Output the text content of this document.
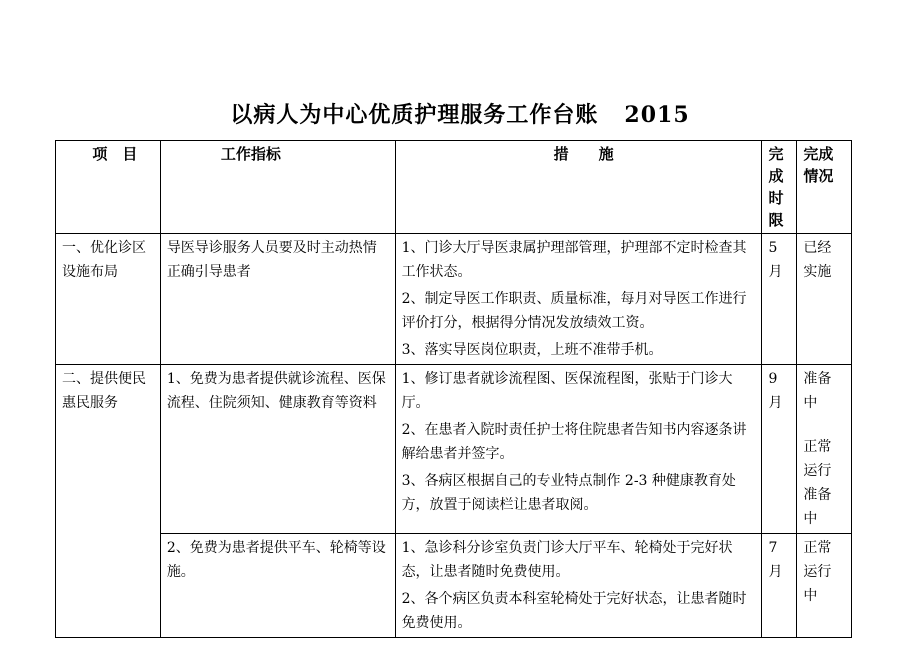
以病人为中心优质护理服务工作台账 2015
项　目	工作指标	措　　施	完成时限	完成情况
一、优化诊区设施布局	导医导诊服务人员要及时主动热情正确引导患者	1、门诊大厅导医隶属护理部管理，护理部不定时检查其工作状态。
2、制定导医工作职责、质量标准，每月对导医工作进行评价打分，根据得分情况发放绩效工资。
3、落实导医岗位职责，上班不准带手机。	5月	已经实施

二、提供便民惠民服务	1、免费为患者提供就诊流程、医保流程、住院须知、健康教育等资料	1、修订患者就诊流程图、医保流程图，张贴于门诊大厅。
2、在患者入院时责任护士将住院患者告知书内容逐条讲解给患者并签字。
3、各病区根据自己的专业特点制作 2-3 种健康教育处方，放置于阅读栏让患者取阅。	9月	准备中
正常运行
准备中

	2、免费为患者提供平车、轮椅等设施。	1、急诊科分诊室负责门诊大厅平车、轮椅处于完好状态，让患者随时免费使用。
2、各个病区负责本科室轮椅处于完好状态，让患者随时免费使用。	7月	正常运行中
